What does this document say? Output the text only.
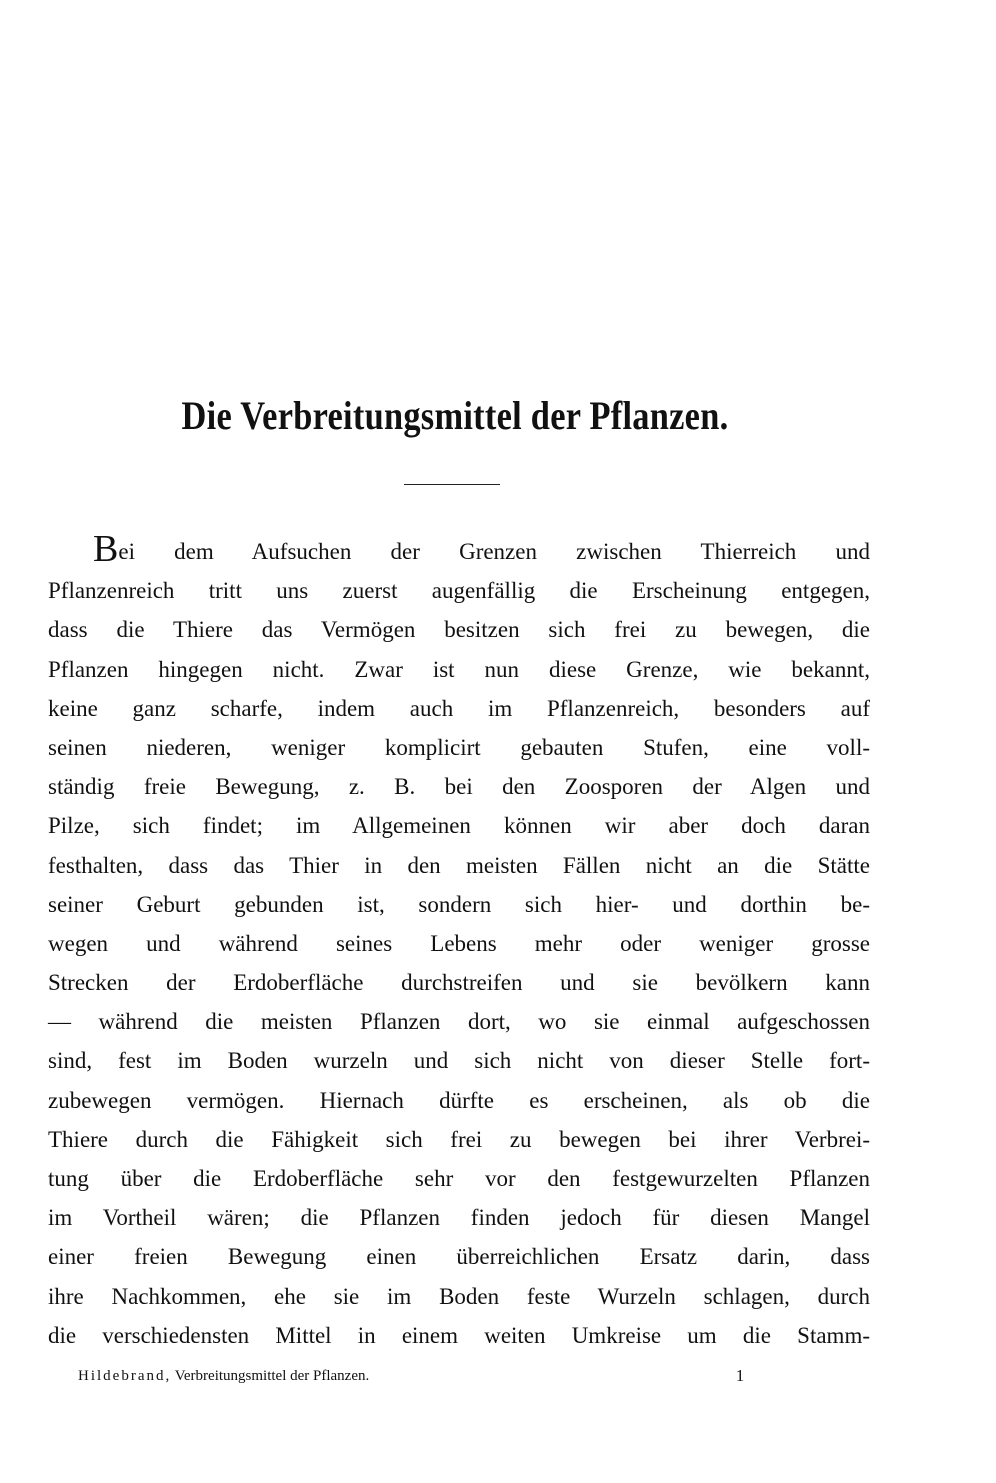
Die Verbreitungsmittel der Pflanzen.
Bei dem Aufsuchen der Grenzen zwischen Thierreich und
Pflanzenreich tritt uns zuerst augenfällig die Erscheinung entgegen,
dass die Thiere das Vermögen besitzen sich frei zu bewegen, die
Pflanzen hingegen nicht. Zwar ist nun diese Grenze, wie bekannt,
keine ganz scharfe, indem auch im Pflanzenreich, besonders auf
seinen niederen, weniger komplicirt gebauten Stufen, eine voll-
ständig freie Bewegung, z. B. bei den Zoosporen der Algen und
Pilze, sich findet; im Allgemeinen können wir aber doch daran
festhalten, dass das Thier in den meisten Fällen nicht an die Stätte
seiner Geburt gebunden ist, sondern sich hier- und dorthin be-
wegen und während seines Lebens mehr oder weniger grosse
Strecken der Erdoberfläche durchstreifen und sie bevölkern kann
— während die meisten Pflanzen dort, wo sie einmal aufgeschossen
sind, fest im Boden wurzeln und sich nicht von dieser Stelle fort-
zubewegen vermögen. Hiernach dürfte es erscheinen, als ob die
Thiere durch die Fähigkeit sich frei zu bewegen bei ihrer Verbrei-
tung über die Erdoberfläche sehr vor den festgewurzelten Pflanzen
im Vortheil wären; die Pflanzen finden jedoch für diesen Mangel
einer freien Bewegung einen überreichlichen Ersatz darin, dass
ihre Nachkommen, ehe sie im Boden feste Wurzeln schlagen, durch
die verschiedensten Mittel in einem weiten Umkreise um die Stamm-
Hildebrand, Verbreitungsmittel der Pflanzen.	1
